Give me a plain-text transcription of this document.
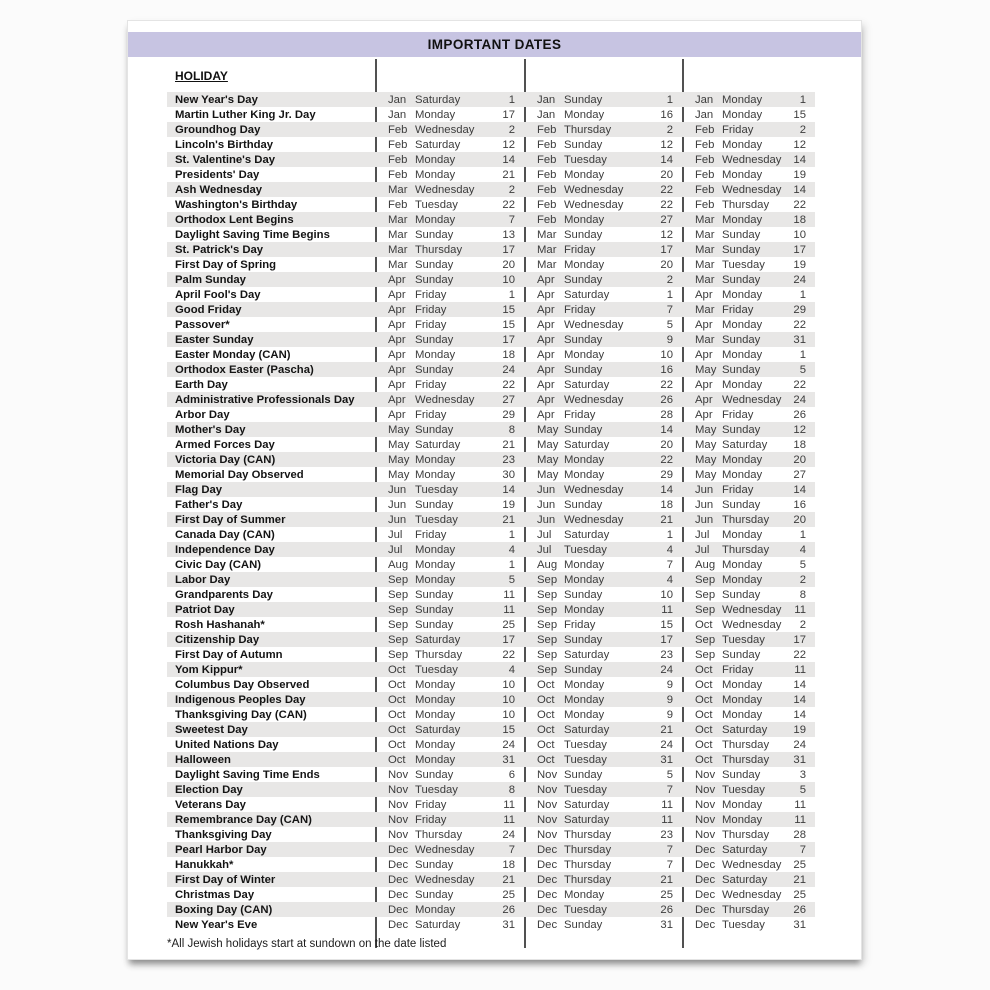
IMPORTANT DATES
HOLIDAY
New Year's Day	Jan Saturday	1 Jan Sunday	1 Jan Monday	1
Martin Luther King Jr. Day	Jan Monday	17 Jan Monday	16 Jan Monday	15
Groundhog Day	Feb Wednesday	2 Feb Thursday	2 Feb Friday	2
Lincoln's Birthday	Feb Saturday	12 Feb Sunday	12 Feb Monday	12
St. Valentine's Day	Feb Monday	14 Feb Tuesday	14 Feb Wednesday	14
Presidents' Day	Feb Monday	21 Feb Monday	20 Feb Monday	19
Ash Wednesday	Mar Wednesday	2 Feb Wednesday	22 Feb Wednesday	14
Washington's Birthday	Feb Tuesday	22 Feb Wednesday	22 Feb Thursday	22
Orthodox Lent Begins	Mar Monday	7 Feb Monday	27 Mar Monday	18
Daylight Saving Time Begins	Mar Sunday	13 Mar Sunday	12 Mar Sunday	10
St. Patrick's Day	Mar Thursday	17 Mar Friday	17 Mar Sunday	17
First Day of Spring	Mar Sunday	20 Mar Monday	20 Mar Tuesday	19
Palm Sunday	Apr Sunday	10 Apr Sunday	2 Mar Sunday	24
April Fool's Day	Apr Friday	1 Apr Saturday	1 Apr Monday	1
Good Friday	Apr Friday	15 Apr Friday	7 Mar Friday	29
Passover*	Apr Friday	15 Apr Wednesday	5 Apr Monday	22
Easter Sunday	Apr Sunday	17 Apr Sunday	9 Mar Sunday	31
Easter Monday (CAN)	Apr Monday	18 Apr Monday	10 Apr Monday	1
Orthodox Easter (Pascha)	Apr Sunday	24 Apr Sunday	16 May Sunday	5
Earth Day	Apr Friday	22 Apr Saturday	22 Apr Monday	22
Administrative Professionals Day	Apr Wednesday	27 Apr Wednesday	26 Apr Wednesday	24
Arbor Day	Apr Friday	29 Apr Friday	28 Apr Friday	26
Mother's Day	May Sunday	8 May Sunday	14 May Sunday	12
Armed Forces Day	May Saturday	21 May Saturday	20 May Saturday	18
Victoria Day (CAN)	May Monday	23 May Monday	22 May Monday	20
Memorial Day Observed	May Monday	30 May Monday	29 May Monday	27
Flag Day	Jun Tuesday	14 Jun Wednesday	14 Jun Friday	14
Father's Day	Jun Sunday	19 Jun Sunday	18 Jun Sunday	16
First Day of Summer	Jun Tuesday	21 Jun Wednesday	21 Jun Thursday	20
Canada Day (CAN)	Jul	Friday	1 Jul	Saturday	1 Jul	Monday	1
Independence Day	Jul	Monday	4 Jul	Tuesday	4 Jul	Thursday	4
Civic Day (CAN)	Aug Monday	1 Aug Monday	7 Aug Monday	5
Labor Day	Sep Monday	5 Sep Monday	4 Sep Monday	2
Grandparents Day	Sep Sunday	11 Sep Sunday	10 Sep Sunday	8
Patriot Day	Sep Sunday	11 Sep Monday	11 Sep Wednesday	11
Rosh Hashanah*	Sep Sunday	25 Sep Friday	15 Oct Wednesday	2
Citizenship Day	Sep Saturday	17 Sep Sunday	17 Sep Tuesday	17
First Day of Autumn	Sep Thursday	22 Sep Saturday	23 Sep Sunday	22
Yom Kippur*	Oct Tuesday	4 Sep Sunday	24 Oct Friday	11
Columbus Day Observed	Oct Monday	10 Oct Monday	9 Oct Monday	14
Indigenous Peoples Day	Oct Monday	10 Oct Monday	9 Oct Monday	14
Thanksgiving Day (CAN)	Oct Monday	10 Oct Monday	9 Oct Monday	14
Sweetest Day	Oct Saturday	15 Oct Saturday	21 Oct Saturday	19
United Nations Day	Oct Monday	24 Oct Tuesday	24 Oct Thursday	24
Halloween	Oct Monday	31 Oct Tuesday	31 Oct Thursday	31
Daylight Saving Time Ends	Nov Sunday	6 Nov Sunday	5 Nov Sunday	3
Election Day	Nov Tuesday	8 Nov Tuesday	7 Nov Tuesday	5
Veterans Day	Nov Friday	11 Nov Saturday	11 Nov Monday	11
Remembrance Day (CAN)	Nov Friday	11 Nov Saturday	11 Nov Monday	11
Thanksgiving Day	Nov Thursday	24 Nov Thursday	23 Nov Thursday	28
Pearl Harbor Day	Dec Wednesday	7 Dec Thursday	7 Dec Saturday	7
Hanukkah*	Dec Sunday	18 Dec Thursday	7 Dec Wednesday	25
First Day of Winter	Dec Wednesday	21 Dec Thursday	21 Dec Saturday	21
Christmas Day	Dec Sunday	25 Dec Monday	25 Dec Wednesday	25
Boxing Day (CAN)	Dec Monday	26 Dec Tuesday	26 Dec Thursday	26
New Year's Eve	Dec Saturday	31 Dec Sunday	31 Dec Tuesday	31
*All Jewish holidays start at sundown on the date listed
